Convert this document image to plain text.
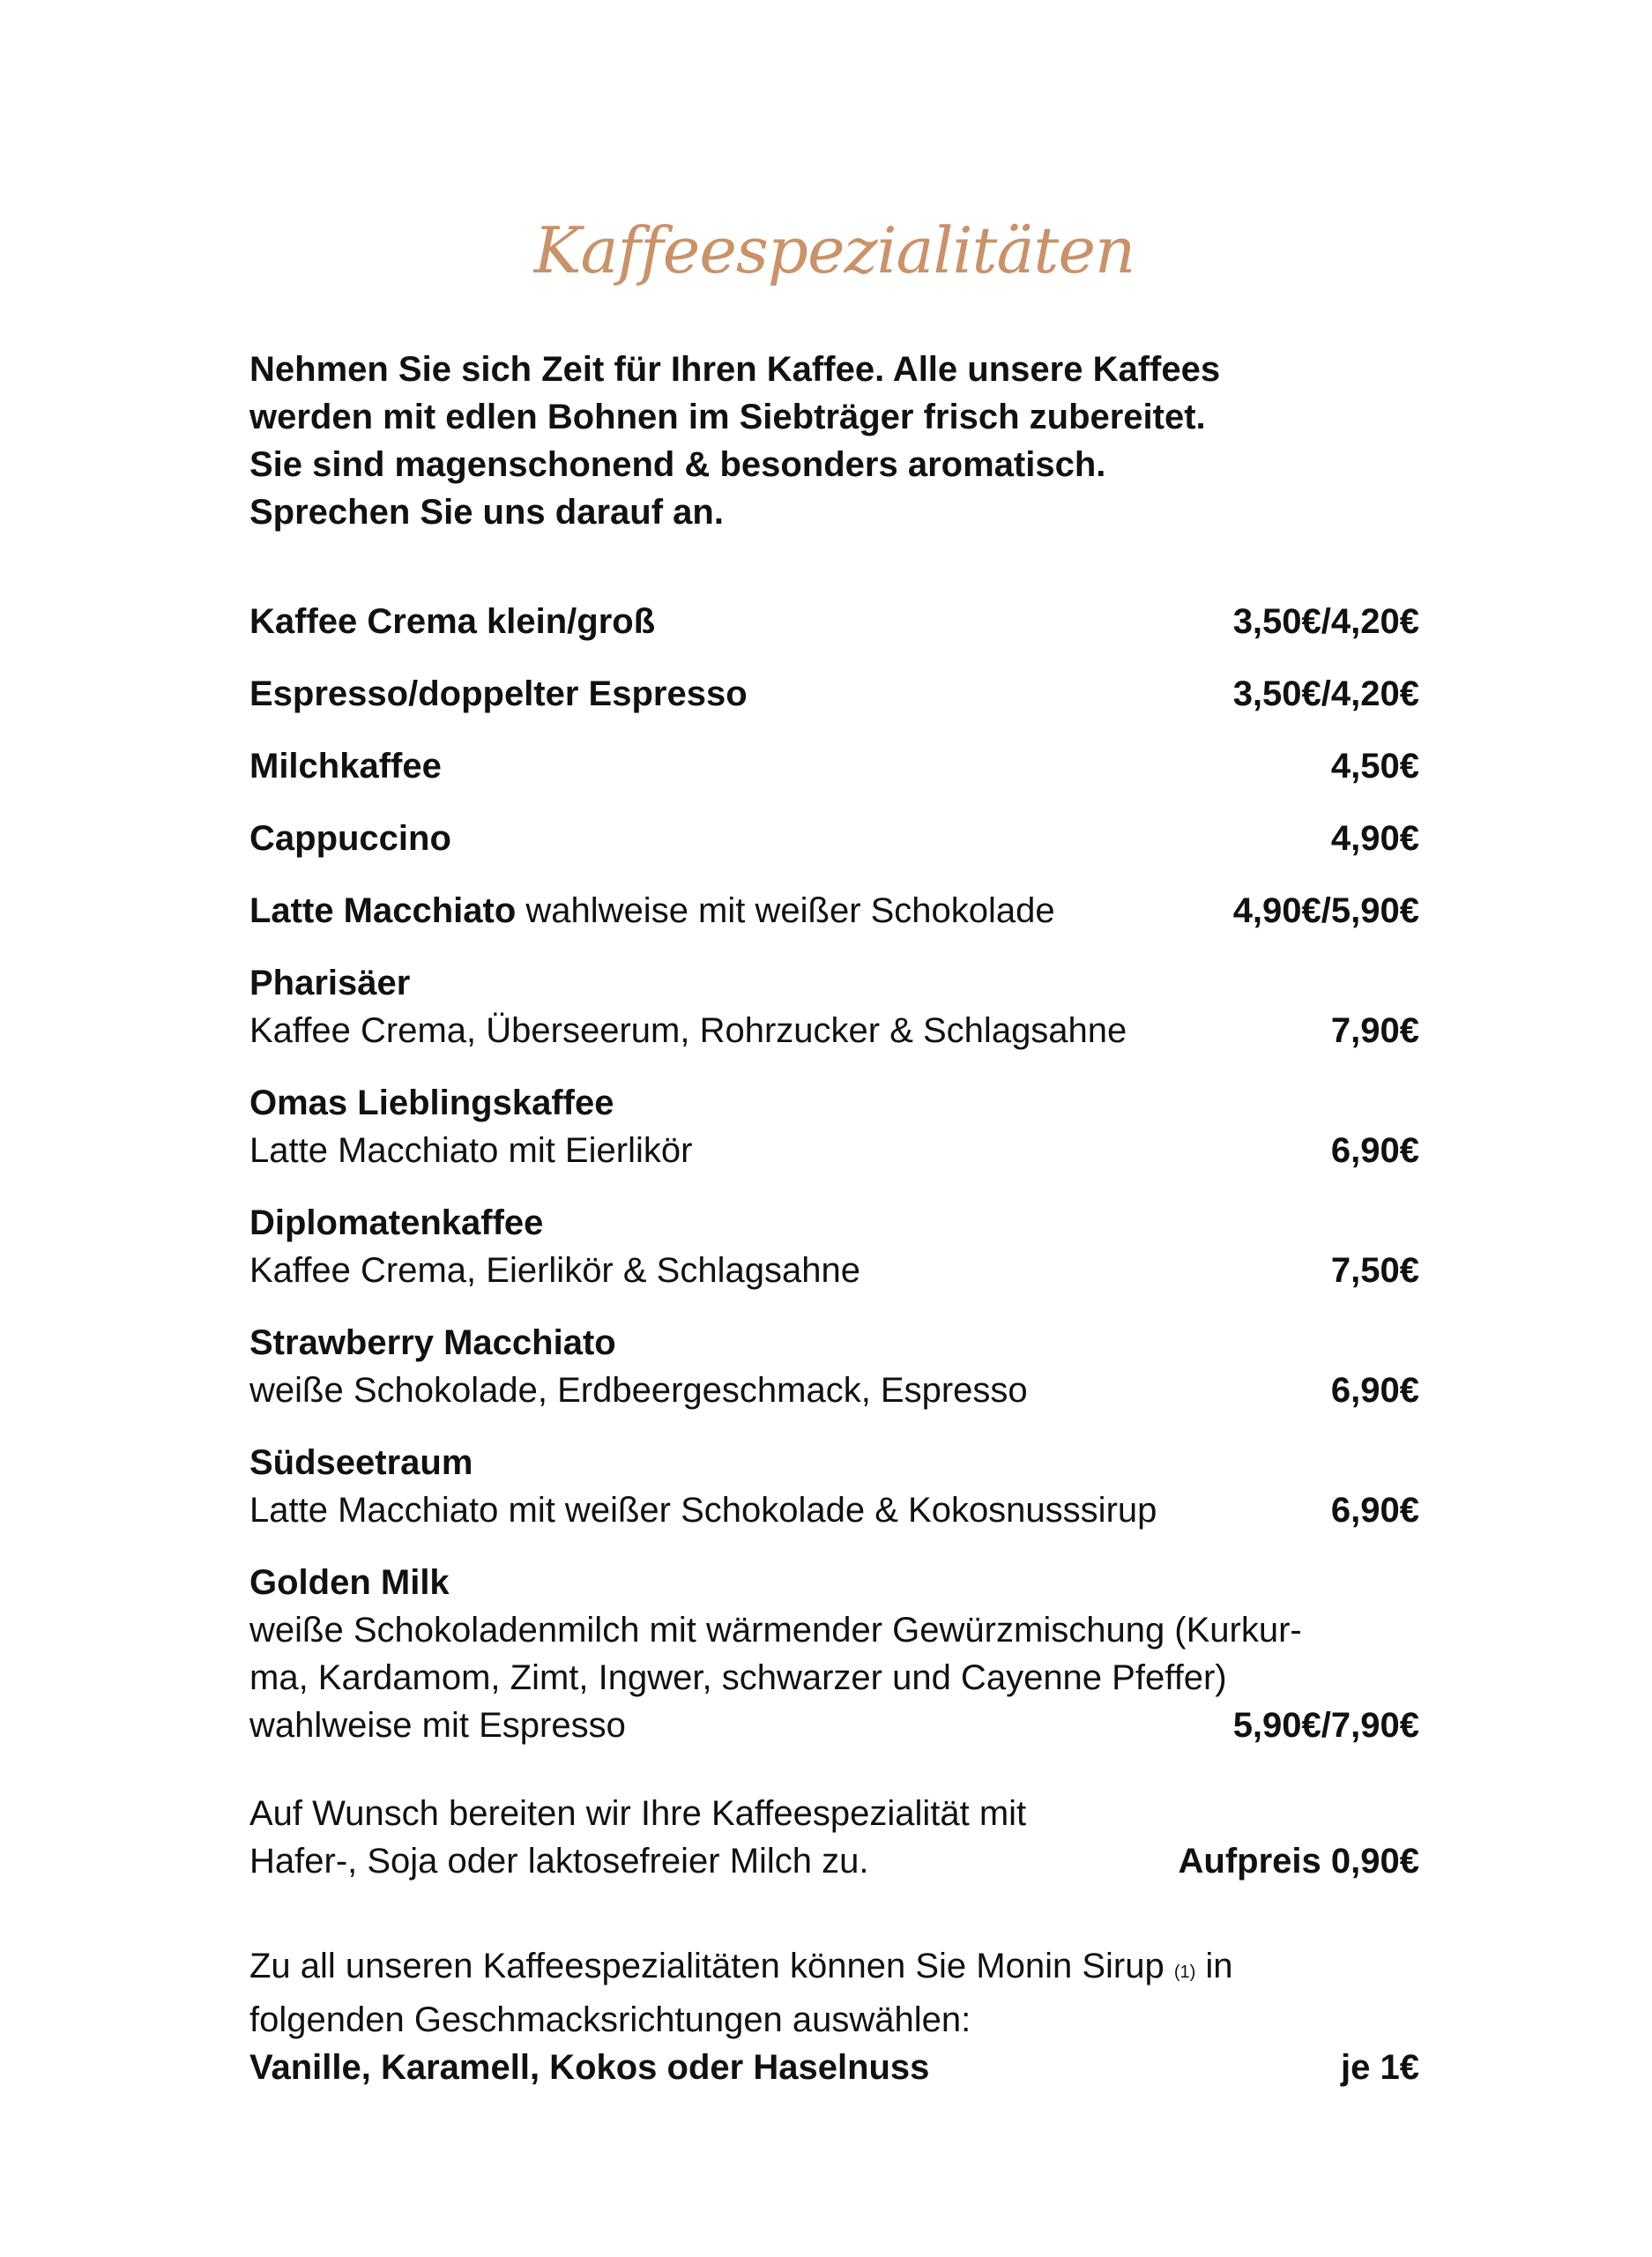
Kaffeespezialitäten
Nehmen Sie sich Zeit für Ihren Kaffee. Alle unsere Kaffees
werden mit edlen Bohnen im Siebträger frisch zubereitet.
Sie sind magenschonend & besonders aromatisch.
Sprechen Sie uns darauf an.
Kaffee Crema klein/groß	3,50€/4,20€
Espresso/doppelter Espresso	3,50€/4,20€
Milchkaffee	4,50€
Cappuccino	4,90€
Latte Macchiato wahlweise mit weißer Schokolade	4,90€/5,90€
Pharisäer
Kaffee Crema, Überseerum, Rohrzucker & Schlagsahne	7,90€
Omas Lieblingskaffee
Latte Macchiato mit Eierlikör	6,90€
Diplomatenkaffee
Kaffee Crema, Eierlikör & Schlagsahne	7,50€
Strawberry Macchiato
weiße Schokolade, Erdbeergeschmack, Espresso	6,90€
Südseetraum
Latte Macchiato mit weißer Schokolade & Kokosnusssirup	6,90€
Golden Milk
weiße Schokoladenmilch mit wärmender Gewürzmischung (Kurkur-
ma, Kardamom, Zimt, Ingwer, schwarzer und Cayenne Pfeffer)
wahlweise mit Espresso	5,90€/7,90€
Auf Wunsch bereiten wir Ihre Kaffeespezialität mit
Hafer-, Soja oder laktosefreier Milch zu.	Aufpreis 0,90€
Zu all unseren Kaffeespezialitäten können Sie Monin Sirup (1) in
folgenden Geschmacksrichtungen auswählen:
Vanille, Karamell, Kokos oder Haselnuss	je 1€
